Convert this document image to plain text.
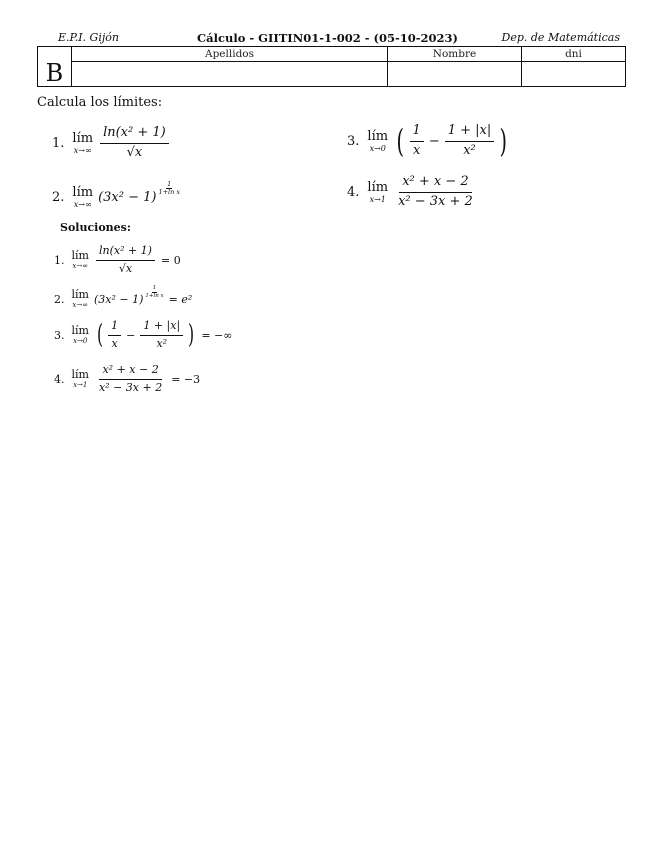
E.P.I. Gijón	Cálculo - GIITIN01-1-002 - (05-10-2023)	Dep. de Matemáticas
B	Apellidos	Nombre	dni

Calcula los límites:
1. lím
$x\to\infty \frac{\text{ln(x² + 1)}}{√x}$
2. lím
x→∞ (3x² − 1)
1
1+ln x
3. lím
x→0 ( $\frac{1}{x} - \frac{1 + |x|}{\text{x²}}$ )
4. lím
$x\to 1 \frac{\text{x² + x − 2}}{\text{x² − 3x + 2}}$
Soluciones:
1. lím
$x\to\infty \frac{\text{ln(x² + 1)}}{√x} = 0$
2. lím
x→∞ (3x² − 1)
$\frac{1}{\text{1+ln x}}$
= e²
3. lím
x→0 ( $\frac{1}{x} - \frac{1 + |x|}{\text{x²}}$ ) = −∞
4. lím
$x\to 1 \frac{\text{x² + x − 2}}{\text{x² − 3x + 2}} = -3$
